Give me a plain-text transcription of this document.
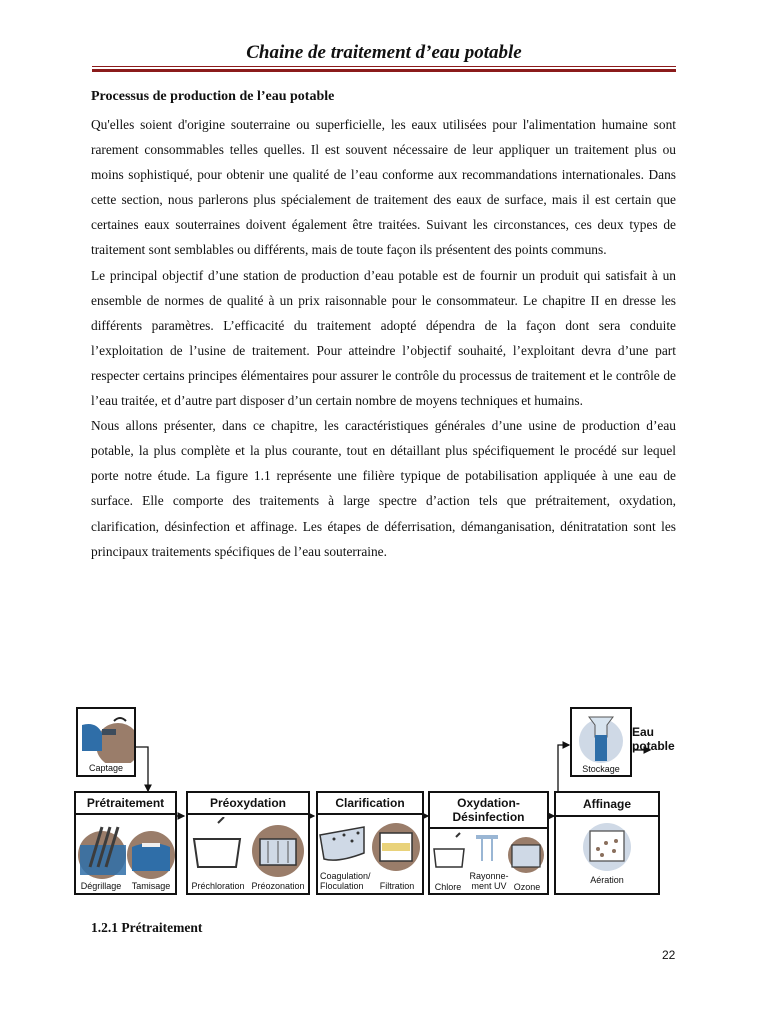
Chaine de traitement d’eau potable
Processus de production de l’eau potable

Qu'elles soient d'origine souterraine ou superficielle, les eaux utilisées pour l'alimentation humaine sont rarement consommables telles quelles. Il est souvent nécessaire de leur appliquer un traitement plus ou moins sophistiqué, pour obtenir une qualité de l’eau conforme aux recommandations internationales. Dans cette section, nous parlerons plus spécialement de traitement des eaux de surface, mais il est certain que certaines eaux souterraines doivent également être traitées. Suivant les circonstances, ces deux types de traitement sont semblables ou différents, mais de toute façon ils présentent des points communs.

Le principal objectif d’une station de production d’eau potable est de fournir un produit qui satisfait à un ensemble de normes de qualité à un prix raisonnable pour le consommateur. Le chapitre II en dresse les différents paramètres. L’efficacité du traitement adopté dépendra de la façon dont sera conduite l’exploitation de l’usine de traitement. Pour atteindre l’objectif souhaité, l’exploitant devra d’une part respecter certains principes élémentaires pour assurer le contrôle du processus de traitement et le contrôle de l’eau traitée, et d’autre part disposer d’un certain nombre de moyens techniques et humains.

Nous allons présenter, dans ce chapitre, les caractéristiques générales d’une usine de production d’eau potable, la plus complète et la plus courante, tout en détaillant plus spécifiquement le procédé sur lequel porte notre étude. La figure 1.1 représente une filière typique de potabilisation appliquée à une eau de surface. Elle comporte des traitements à large spectre d’action tels que prétraitement, oxydation, clarification, désinfection et affinage. Les étapes de déferrisation, démanganisation, dénitratation sont les principaux traitements spécifiques de l’eau souterraine.

Captage	Stockage
Eau
potable
Prétraitement
Dégrillage	Tamisage
Préoxydation
Préchloration Préozonation
Clarification
Coagulation/
Floculation	Filtration
Oxydation-
Désinfection
Chlore
Rayonne-
ment UV Ozone
Affinage
Aération
1.2.1 Prétraitement
22
